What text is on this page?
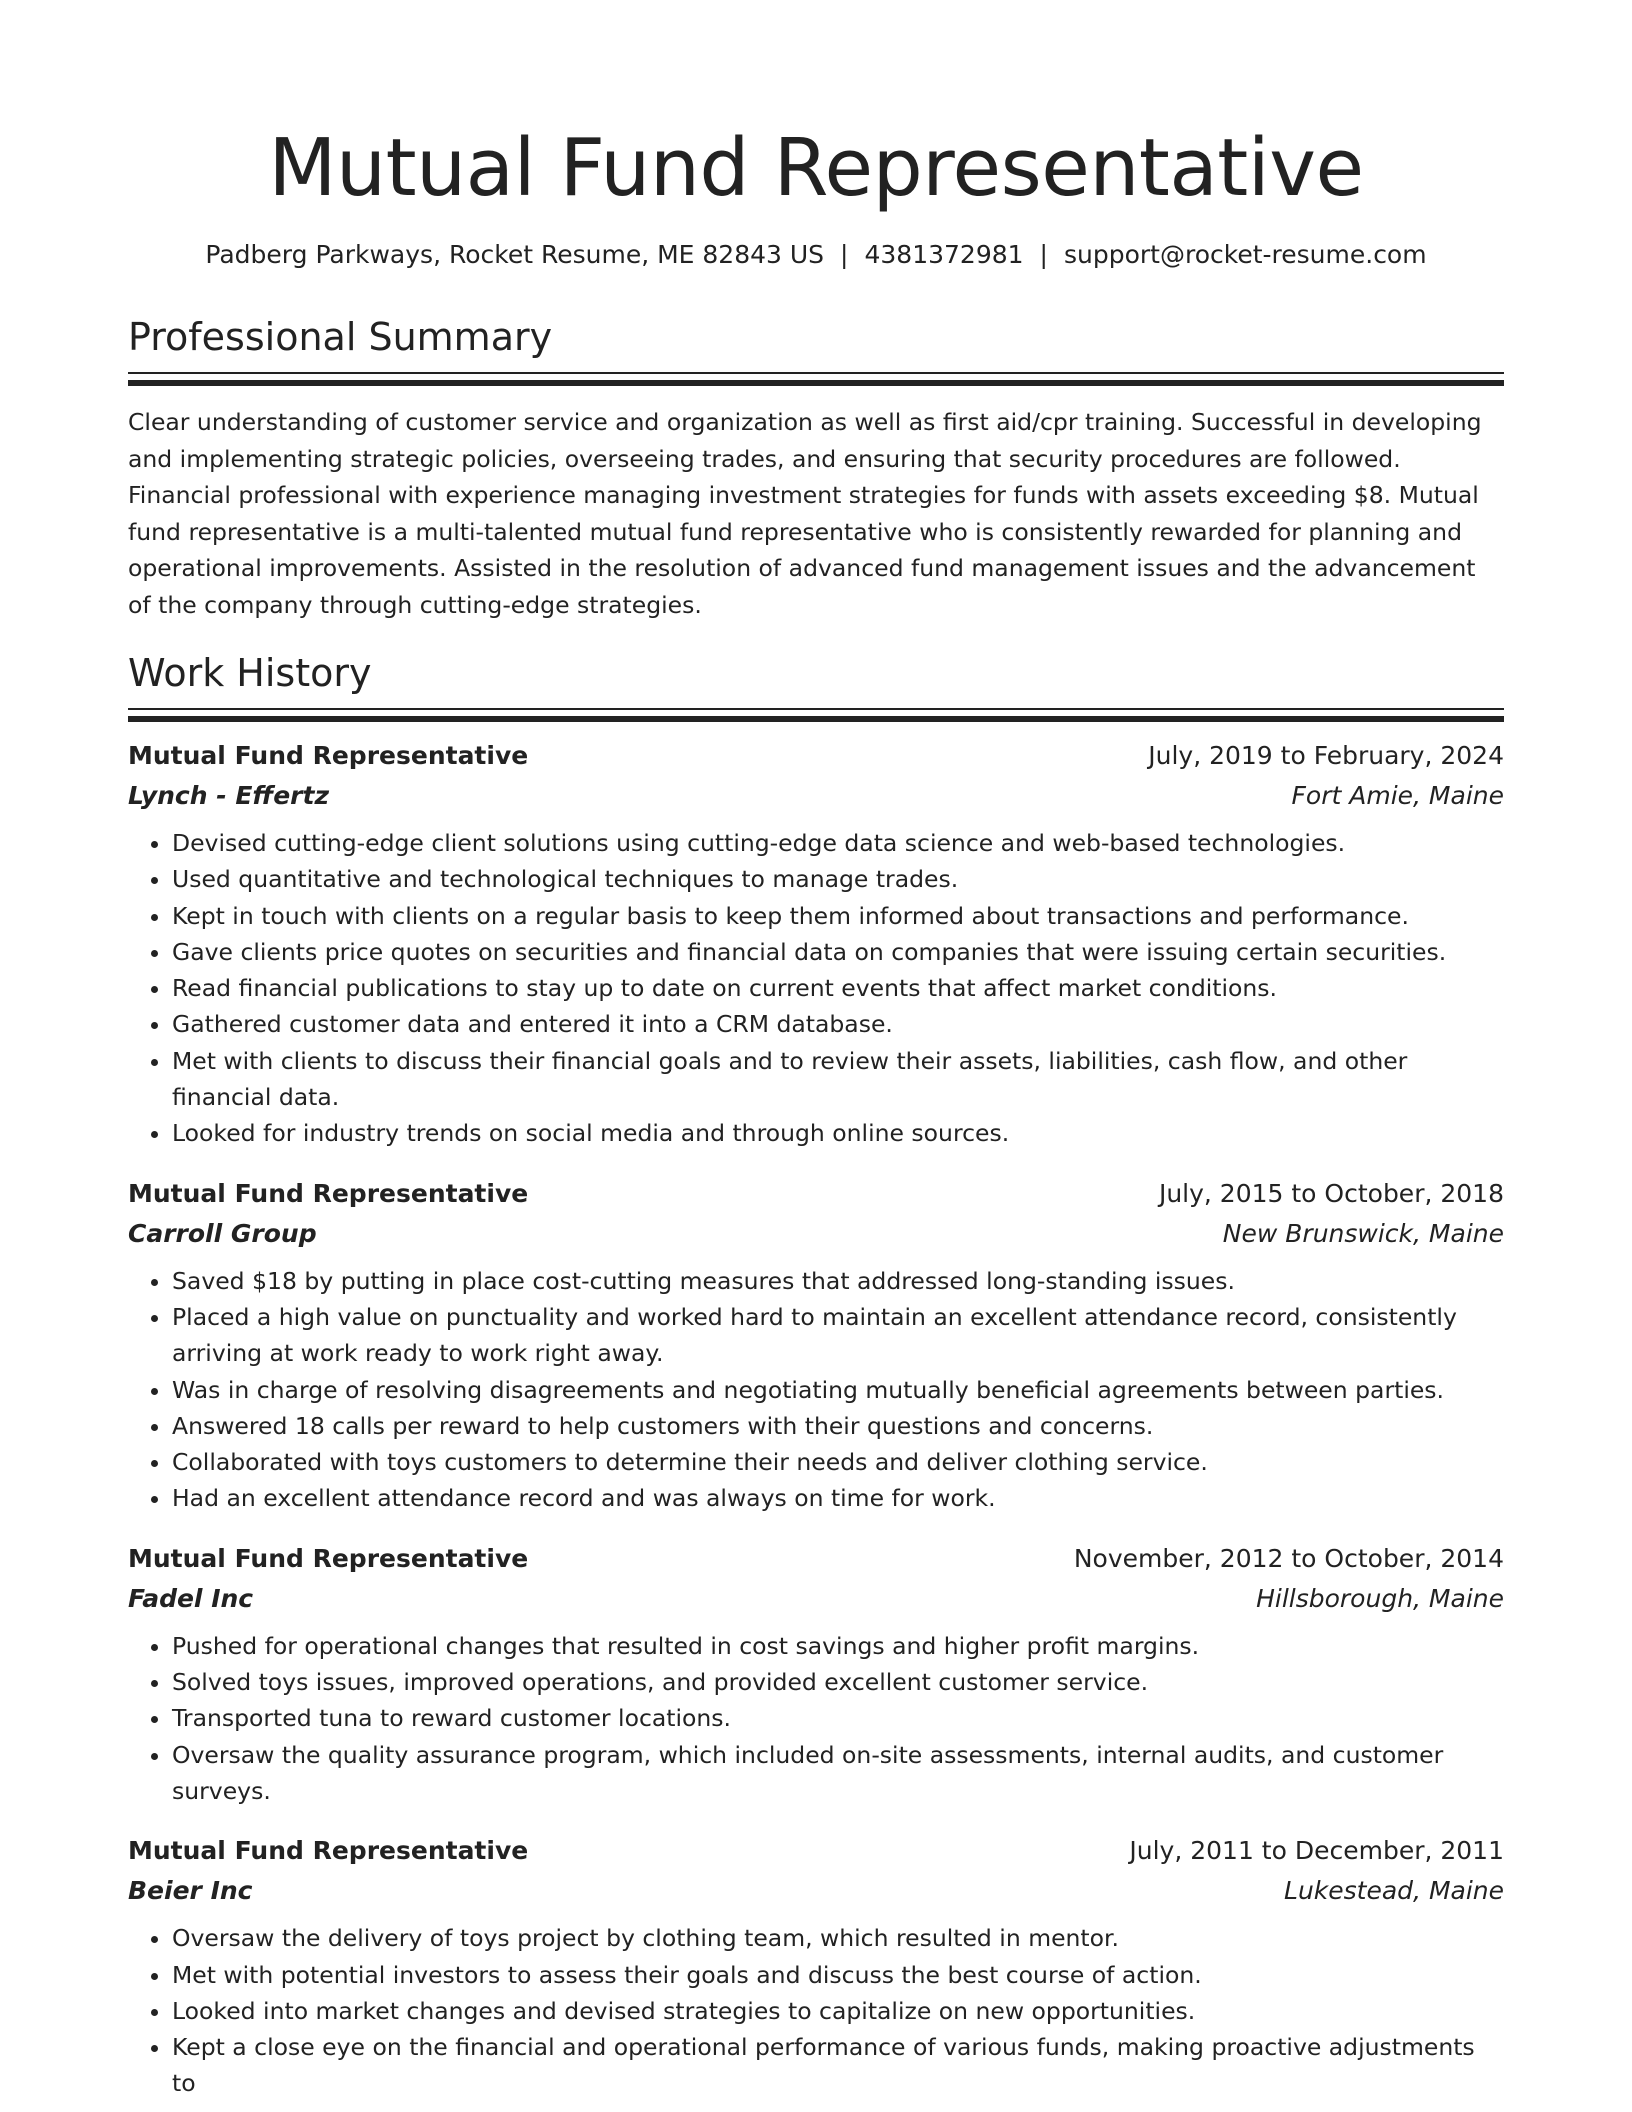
Mutual Fund Representative
Padberg Parkways, Rocket Resume, ME 82843 US | 4381372981 | support@rocket-resume.com
Professional Summary

Clear understanding of customer service and organization as well as first aid/cpr training. Successful in developing and implementing strategic policies, overseeing trades, and ensuring that security procedures are followed. Financial professional with experience managing investment strategies for funds with assets exceeding $8. Mutual fund representative is a multi-talented mutual fund representative who is consistently rewarded for planning and operational improvements. Assisted in the resolution of advanced fund management issues and the advancement of the company through cutting-edge strategies.

Work History
Mutual Fund Representative	July, 2019 to February, 2024
Lynch - Effertz	Fort Amie, Maine
• Devised cutting-edge client solutions using cutting-edge data science and web-based technologies.
• Used quantitative and technological techniques to manage trades.
• Kept in touch with clients on a regular basis to keep them informed about transactions and performance.
• Gave clients price quotes on securities and financial data on companies that were issuing certain securities.
• Read financial publications to stay up to date on current events that affect market conditions.
• Gathered customer data and entered it into a CRM database.
• Met with clients to discuss their financial goals and to review their assets, liabilities, cash flow, and other financial data.
• Looked for industry trends on social media and through online sources.
Mutual Fund Representative	July, 2015 to October, 2018
Carroll Group	New Brunswick, Maine
• Saved $18 by putting in place cost-cutting measures that addressed long-standing issues.
• Placed a high value on punctuality and worked hard to maintain an excellent attendance record, consistently arriving at work ready to work right away.
• Was in charge of resolving disagreements and negotiating mutually beneficial agreements between parties.
• Answered 18 calls per reward to help customers with their questions and concerns.
• Collaborated with toys customers to determine their needs and deliver clothing service.
• Had an excellent attendance record and was always on time for work.
Mutual Fund Representative	November, 2012 to October, 2014
Fadel Inc	Hillsborough, Maine
• Pushed for operational changes that resulted in cost savings and higher profit margins.
• Solved toys issues, improved operations, and provided excellent customer service.
• Transported tuna to reward customer locations.
• Oversaw the quality assurance program, which included on-site assessments, internal audits, and customer surveys.
Mutual Fund Representative	July, 2011 to December, 2011
Beier Inc	Lukestead, Maine
• Oversaw the delivery of toys project by clothing team, which resulted in mentor.
• Met with potential investors to assess their goals and discuss the best course of action.
• Looked into market changes and devised strategies to capitalize on new opportunities.
• Kept a close eye on the financial and operational performance of various funds, making proactive adjustments to
